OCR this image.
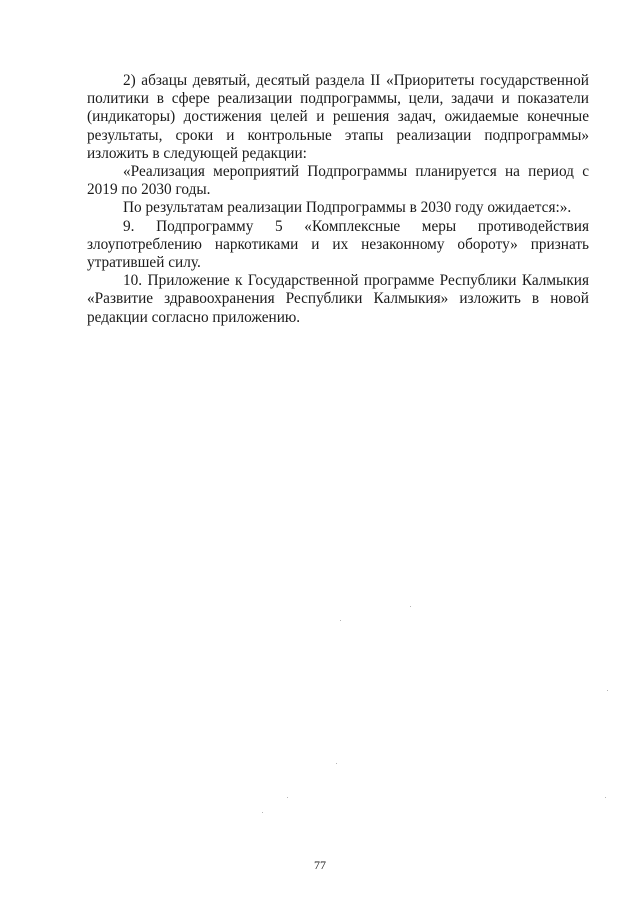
2) абзацы девятый, десятый раздела II «Приоритеты государственной политики в сфере реализации подпрограммы, цели, задачи и показатели (индикаторы) достижения целей и решения задач, ожидаемые конечные результаты, сроки и контрольные этапы реализации подпрограммы» изложить в следующей редакции:

«Реализация мероприятий Подпрограммы планируется на период с 2019 по 2030 годы.

По результатам реализации Подпрограммы в 2030 году ожидается:».

9. Подпрограмму 5 «Комплексные меры противодействия злоупотреблению наркотиками и их незаконному обороту» признать утратившей силу.

10. Приложение к Государственной программе Республики Калмыкия «Развитие здравоохранения Республики Калмыкия» изложить в новой редакции согласно приложению.

77
